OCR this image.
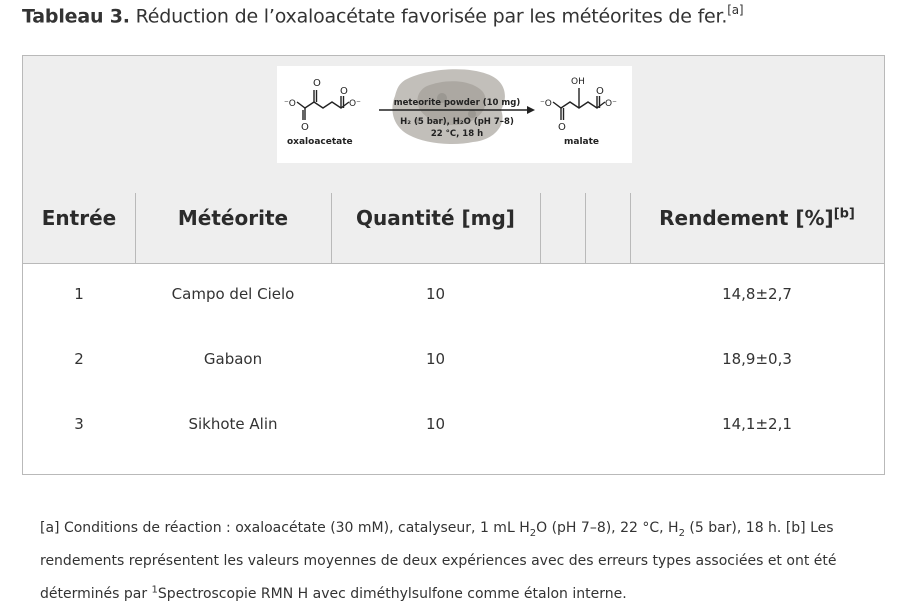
Tableau 3. Réduction de l’oxaloacétate favorisée par les météorites de fer.[a]
O
O
⁻O	O⁻
O
oxaloacetate
meteorite powder (10 mg)
H₂ (5 bar), H₂O (pH 7–8)
22 °C, 18 h
OH
O
⁻O	O⁻
O
malate
Entrée	Météorite	Quantité [mg]	Rendement [%][b]
1	Campo del Cielo	10	14,8±2,7
2	Gabaon	10	18,9±0,3
3	Sikhote Alin	10	14,1±2,1
[a] Conditions de réaction : oxaloacétate (30 mM), catalyseur, 1 mL $H_2O$ (pH 7–8), 22 °C, $H_2$ (5 bar), 18 h. [b] Les rendements représentent les valeurs moyennes de deux expériences avec des erreurs types associées et ont été déterminés par $^1$Spectroscopie RMN H avec diméthylsulfone comme étalon interne.
